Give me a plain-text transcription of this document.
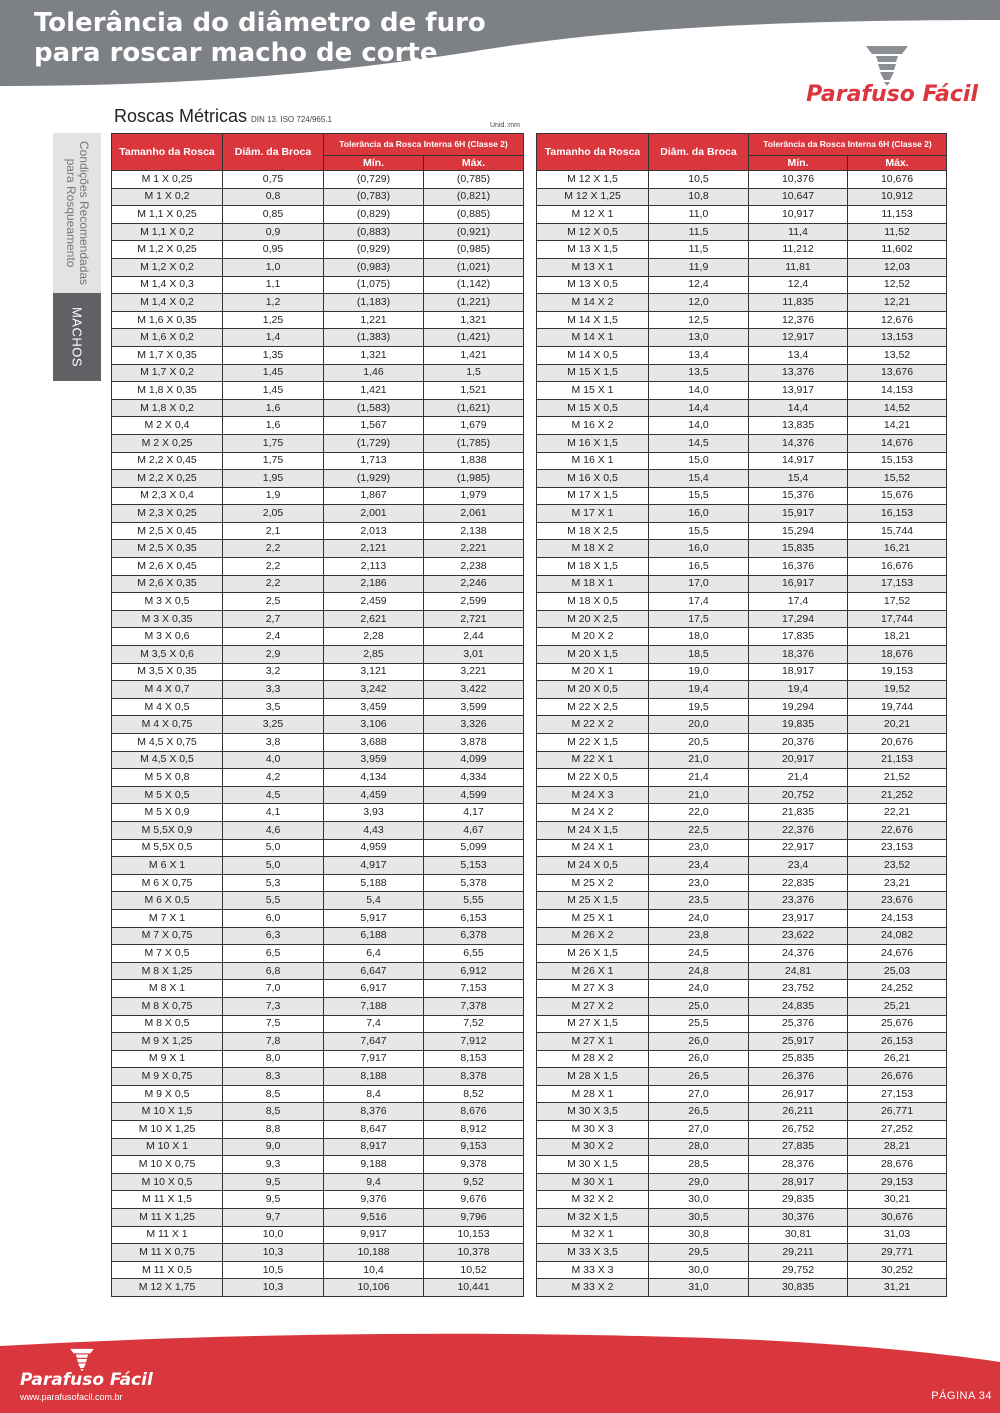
Tolerância do diâmetro de furo
para roscar macho de corte
Parafuso Fácil
Condições Recomendadas
para Rosqueamento
MACHOS
Roscas Métricas DIN 13. ISO 724/965.1
Unid.:mm
Tamanho da Rosca	Diâm. da Broca	Tolerância da Rosca Interna 6H (Classe 2)	
		Mín.	Máx.
M 1 X 0,25	0,75	(0,729)	(0,785)
M 1 X 0,2	0,8	(0,783)	(0,821)
M 1,1 X 0,25	0,85	(0,829)	(0,885)
M 1,1 X 0,2	0,9	(0,883)	(0,921)
M 1,2 X 0,25	0,95	(0,929)	(0,985)
M 1,2 X 0,2	1,0	(0,983)	(1,021)
M 1,4 X 0,3	1,1	(1,075)	(1,142)
M 1,4 X 0,2	1,2	(1,183)	(1,221)
M 1,6 X 0,35	1,25	1,221	1,321
M 1,6 X 0,2	1,4	(1,383)	(1,421)
M 1,7 X 0,35	1,35	1,321	1,421
M 1,7 X 0,2	1,45	1,46	1,5
M 1,8 X 0,35	1,45	1,421	1,521
M 1,8 X 0,2	1,6	(1,583)	(1,621)
M 2 X 0,4	1,6	1,567	1,679
M 2 X 0,25	1,75	(1,729)	(1,785)
M 2,2 X 0,45	1,75	1,713	1,838
M 2,2 X 0,25	1,95	(1,929)	(1,985)
M 2,3 X 0,4	1,9	1,867	1,979
M 2,3 X 0,25	2,05	2,001	2,061
M 2,5 X 0,45	2,1	2,013	2,138
M 2,5 X 0,35	2,2	2,121	2,221
M 2,6 X 0,45	2,2	2,113	2,238
M 2,6 X 0,35	2,2	2,186	2,246
M 3 X 0,5	2,5	2,459	2,599
M 3 X 0,35	2,7	2,621	2,721
M 3 X 0,6	2,4	2,28	2,44
M 3,5 X 0,6	2,9	2,85	3,01
M 3,5 X 0,35	3,2	3,121	3,221
M 4 X 0,7	3,3	3,242	3,422
M 4 X 0,5	3,5	3,459	3,599
M 4 X 0,75	3,25	3,106	3,326
M 4,5 X 0,75	3,8	3,688	3,878
M 4,5 X 0,5	4,0	3,959	4,099
M 5 X 0,8	4,2	4,134	4,334
M 5 X 0,5	4,5	4,459	4,599
M 5 X 0,9	4,1	3,93	4,17
M 5,5X 0,9	4,6	4,43	4,67
M 5,5X 0,5	5,0	4,959	5,099
M 6 X 1	5,0	4,917	5,153
M 6 X 0,75	5,3	5,188	5,378
M 6 X 0,5	5,5	5,4	5,55
M 7 X 1	6,0	5,917	6,153
M 7 X 0,75	6,3	6,188	6,378
M 7 X 0,5	6,5	6,4	6,55
M 8 X 1,25	6,8	6,647	6,912
M 8 X 1	7,0	6,917	7,153
M 8 X 0,75	7,3	7,188	7,378
M 8 X 0,5	7,5	7,4	7,52
M 9 X 1,25	7,8	7,647	7,912
M 9 X 1	8,0	7,917	8,153
M 9 X 0,75	8,3	8,188	8,378
M 9 X 0,5	8,5	8,4	8,52
M 10 X 1,5	8,5	8,376	8,676
M 10 X 1,25	8,8	8,647	8,912
M 10 X 1	9,0	8,917	9,153
M 10 X 0,75	9,3	9,188	9,378
M 10 X 0,5	9,5	9,4	9,52
M 11 X 1,5	9,5	9,376	9,676
M 11 X 1,25	9,7	9,516	9,796
M 11 X 1	10,0	9,917	10,153
M 11 X 0,75	10,3	10,188	10,378
M 11 X 0,5	10,5	10,4	10,52
M 12 X 1,75	10,3	10,106	10,441
Tamanho da Rosca	Diâm. da Broca	Tolerância da Rosca Interna 6H (Classe 2)	
		Mín.	Máx.
M 12 X 1,5	10,5	10,376	10,676
M 12 X 1,25	10,8	10,647	10,912
M 12 X 1	11,0	10,917	11,153
M 12 X 0,5	11,5	11,4	11,52
M 13 X 1,5	11,5	11,212	11,602
M 13 X 1	11,9	11,81	12,03
M 13 X 0,5	12,4	12,4	12,52
M 14 X 2	12,0	11,835	12,21
M 14 X 1,5	12,5	12,376	12,676
M 14 X 1	13,0	12,917	13,153
M 14 X 0,5	13,4	13,4	13,52
M 15 X 1,5	13,5	13,376	13,676
M 15 X 1	14,0	13,917	14,153
M 15 X 0,5	14,4	14,4	14,52
M 16 X 2	14,0	13,835	14,21
M 16 X 1,5	14,5	14,376	14,676
M 16 X 1	15,0	14,917	15,153
M 16 X 0,5	15,4	15,4	15,52
M 17 X 1,5	15,5	15,376	15,676
M 17 X 1	16,0	15,917	16,153
M 18 X 2,5	15,5	15,294	15,744
M 18 X 2	16,0	15,835	16,21
M 18 X 1,5	16,5	16,376	16,676
M 18 X 1	17,0	16,917	17,153
M 18 X 0,5	17,4	17,4	17,52
M 20 X 2,5	17,5	17,294	17,744
M 20 X 2	18,0	17,835	18,21
M 20 X 1,5	18,5	18,376	18,676
M 20 X 1	19,0	18,917	19,153
M 20 X 0,5	19,4	19,4	19,52
M 22 X 2,5	19,5	19,294	19,744
M 22 X 2	20,0	19,835	20,21
M 22 X 1,5	20,5	20,376	20,676
M 22 X 1	21,0	20,917	21,153
M 22 X 0,5	21,4	21,4	21,52
M 24 X 3	21,0	20,752	21,252
M 24 X 2	22,0	21,835	22,21
M 24 X 1,5	22,5	22,376	22,676
M 24 X 1	23,0	22,917	23,153
M 24 X 0,5	23,4	23,4	23,52
M 25 X 2	23,0	22,835	23,21
M 25 X 1,5	23,5	23,376	23,676
M 25 X 1	24,0	23,917	24,153
M 26 X 2	23,8	23,622	24,082
M 26 X 1,5	24,5	24,376	24,676
M 26 X 1	24,8	24,81	25,03
M 27 X 3	24,0	23,752	24,252
M 27 X 2	25,0	24,835	25,21
M 27 X 1,5	25,5	25,376	25,676
M 27 X 1	26,0	25,917	26,153
M 28 X 2	26,0	25,835	26,21
M 28 X 1,5	26,5	26,376	26,676
M 28 X 1	27,0	26,917	27,153
M 30 X 3,5	26,5	26,211	26,771
M 30 X 3	27,0	26,752	27,252
M 30 X 2	28,0	27,835	28,21
M 30 X 1,5	28,5	28,376	28,676
M 30 X 1	29,0	28,917	29,153
M 32 X 2	30,0	29,835	30,21
M 32 X 1,5	30,5	30,376	30,676
M 32 X 1	30,8	30,81	31,03
M 33 X 3,5	29,5	29,211	29,771
M 33 X 3	30,0	29,752	30,252
M 33 X 2	31,0	30,835	31,21
Parafuso Fácil
www.parafusofacil.com.br	PÁGINA 34
